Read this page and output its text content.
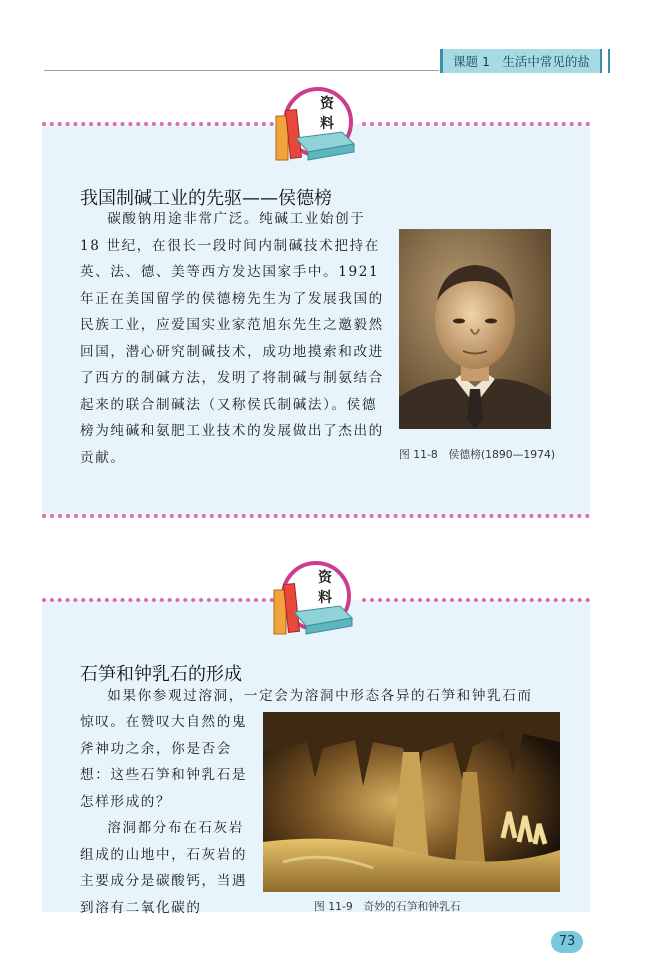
课题 1　生活中常见的盐
资
料
我国制碱工业的先驱——侯德榜

碳酸钠用途非常广泛。纯碱工业始创于 18 世纪，在很长一段时间内制碱技术把持在英、法、德、美等西方发达国家手中。1921 年正在美国留学的侯德榜先生为了发展我国的民族工业，应爱国实业家范旭东先生之邀毅然回国，潜心研究制碱技术，成功地摸索和改进了西方的制碱方法，发明了将制碱与制氨结合起来的联合制碱法（又称侯氏制碱法）。侯德榜为纯碱和氨肥工业技术的发展做出了杰出的贡献。	图 11-8　侯德榜(1890—1974)
资
料
石笋和钟乳石的形成

如果你参观过溶洞，一定会为溶洞中形态各异的石笋和钟乳石而

惊叹。在赞叹大自然的鬼斧神功之余，你是否会想：这些石笋和钟乳石是怎样形成的？

溶洞都分布在石灰岩组成的山地中，石灰岩的主要成分是碳酸钙，当遇到溶有二氧化碳的	图 11-9　奇妙的石笋和钟乳石
73
